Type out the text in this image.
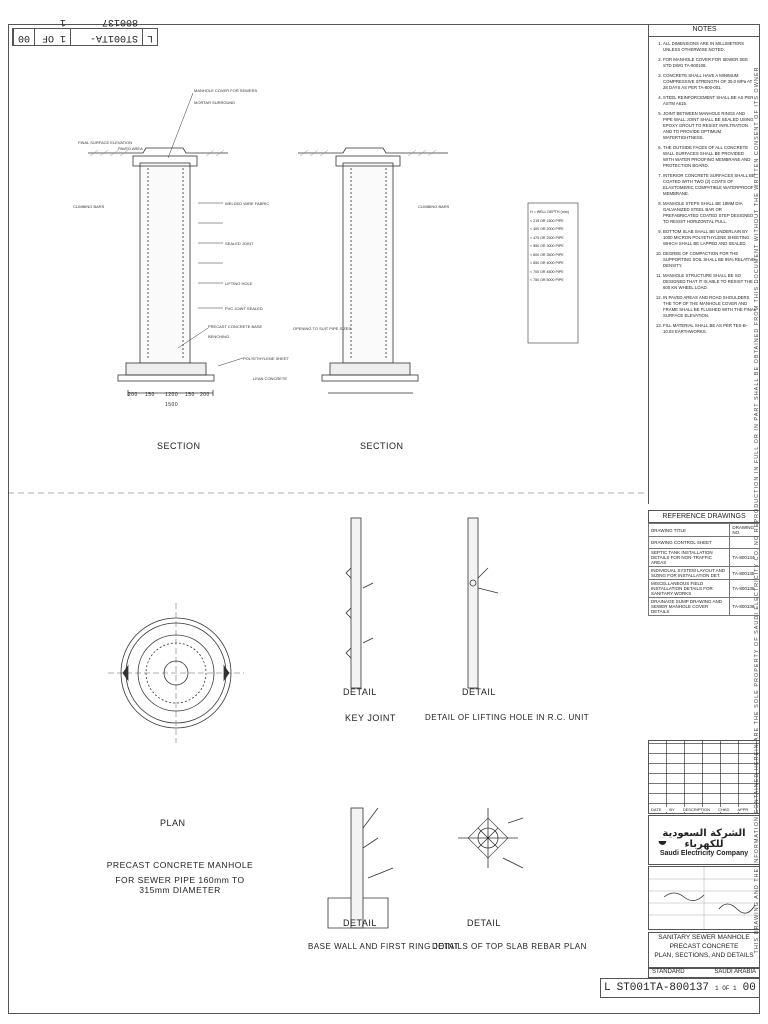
L
ST001TA-800137
1 OF 1
00
MANHOLE COVER FOR SEWERS
MORTAR SURROUND
FINAL SURFACE ELEVATION
PAVED AREA
CLIMBING BARS
WELDED WIRE FABRIC
SEALED JOINT
LIFTING HOLE
PVC JOINT SEALED
PRECAST CONCRETE BASE
BENCHING
POLYETHYLENE SHEET
LEAN CONCRETE
OPENING TO SUIT PIPE SIZES
CLIMBING BARS
200 150 1200 150 200
1500
H = WELL DEPTH (mm)
< 215 OR 1500 PIPE
< 400 OR 2000 PIPE
< 475 OR 2500 PIPE
< 550 OR 3000 PIPE
< 600 OR 3500 PIPE
< 650 OR 4000 PIPE
< 700 OR 4500 PIPE
< 750 OR 5000 PIPE
SECTION	SECTION
PLAN
PRECAST CONCRETE MANHOLE
FOR SEWER PIPE 160mm TO 315mm DIAMETER
DETAIL
KEY JOINT
DETAIL
DETAIL OF LIFTING HOLE IN R.C. UNIT
DETAIL
BASE WALL AND FIRST RING JOINT
DETAIL
DETAILS OF TOP SLAB REBAR PLAN
NOTES
1. ALL DIMENSIONS ARE IN MILLIMETERS UNLESS OTHERWISE NOTED.
2. FOR MANHOLE COVER FOR SEWER SEE STD DWG TA-800108.
3. CONCRETE SHALL HAVE A MINIMUM COMPRESSIVE STRENGTH OF 35.0 MPa AT 28 DAYS AS PER TA-800-001.
4. STEEL REINFORCEMENT SHALL BE AS PER ASTM A615.
5. JOINT BETWEEN MANHOLE RINGS AND PIPE WALL JOINT SHALL BE SEALED USING EPOXY GROUT TO RESIST INFILTRATION AND TO PROVIDE OPTIMUM WATERTIGHTNESS.
6. THE OUTSIDE FACES OF ALL CONCRETE WALL SURFACES SHALL BE PROVIDED WITH WATER PROOFING MEMBRANE AND PROTECTION BOARD.
7. INTERIOR CONCRETE SURFACES SHALL BE COATED WITH TWO (2) COATS OF ELASTOMERIC COMPATIBLE WATERPROOF MEMBRANE.
8. MANHOLE STEPS SHALL BE 18MM DIA GALVANIZED STEEL BAR OR PREFABRICATED COATED STEP DESIGNED TO RESIST HORIZONTAL PULL.
9. BOTTOM SLAB SHALL BE UNDERLAIN BY 1000 MICRON POLYETHYLENE SHEETING WHICH SHALL BE LAPPED AND SEALED.
10. DEGREE OF COMPACTION FOR THE SUPPORTING SOIL SHALL BE 95% RELATIVE DENSITY.
11. MANHOLE STRUCTURE SHALL BE SO DESIGNED THAT IT IS ABLE TO RESIST THE 600 KN WHEEL LOAD.
12. IN PAVED AREAS AND ROAD SHOULDERS THE TOP OF THE MANHOLE COVER AND FRAME SHALL BE FLUSHED WITH THE FINAL SURFACE ELEVATION.
13. FILL MATERIAL SHALL BE AS PER TES-B-10.03 EARTHWORKS.
REFERENCE DRAWINGS
DRAWING TITLE	DRAWING NO.
DRAWING CONTROL SHEET	
SEPTIC TANK INSTALLATION DETAILS FOR NON-TRAFFIC AREAS	TA-800134
INDIVIDUAL SYSTEM LAYOUT AND SIZING FOR INSTALLATION DET.	TA-800135
MISCELLANEOUS FIELD INSTALLATION DETAILS FOR SANITARY WORKS	TA-800136
DRAINAGE SUMP DRAWING AND SEWER MANHOLE COVER DETAILS	TA-800138
DATE BY DESCRIPTION CHKD APPR
◒
الشركة السعودية للكهرباء
Saudi Electricity Company
SANITARY SEWER MANHOLE
PRECAST CONCRETE
PLAN, SECTIONS, AND DETAILS
STANDARD	SAUDI ARABIA
L ST001TA-800137	1 OF 1 00
THIS DRAWING AND THE INFORMATION CONTAINED HEREIN ARE THE SOLE PROPERTY OF SAUDI ELECTRICITY CO. NO REPRODUCTION IN FULL OR IN PART SHALL BE OBTAINED FROM THIS DOCUMENT WITHOUT THE WRITTEN CONSENT OF ITS OWNER
